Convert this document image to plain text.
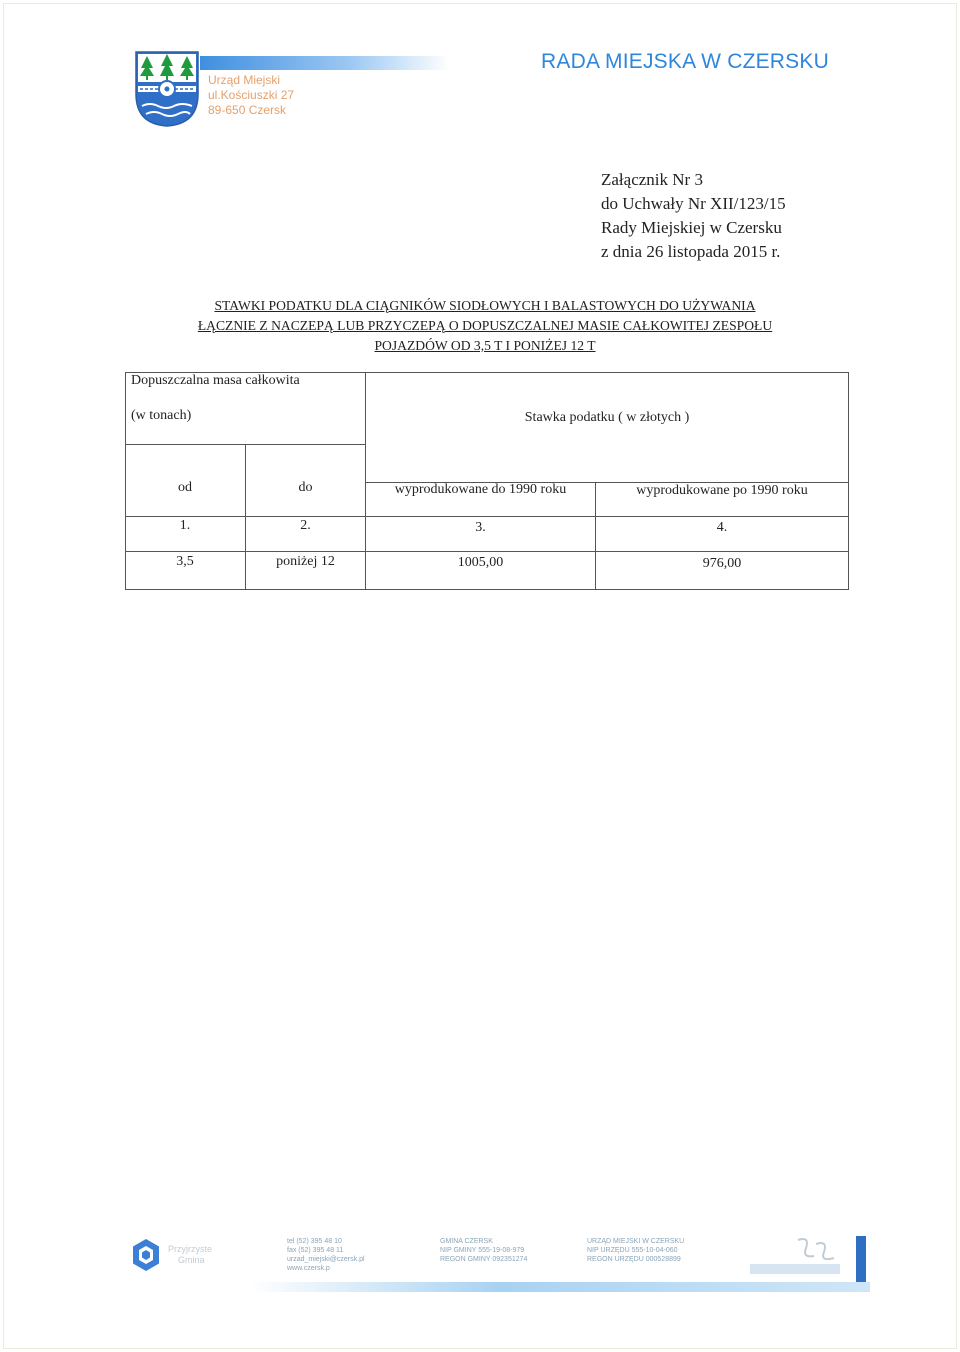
Urząd Miejski
ul.Kościuszki 27
89-650 Czersk
RADA MIEJSKA W CZERSKU
Załącznik Nr 3
do Uchwały Nr XII/123/15
Rady Miejskiej w Czersku
z dnia 26 listopada 2015 r.
STAWKI PODATKU DLA CIĄGNIKÓW SIODŁOWYCH I BALASTOWYCH DO UŻYWANIA
ŁĄCZNIE Z NACZEPĄ LUB PRZYCZEPĄ O DOPUSZCZALNEJ MASIE CAŁKOWITEJ ZESPOŁU
POJAZDÓW OD 3,5 T I PONIŻEJ 12 T
Dopuszczalna masa całkowita
(w tonach)	Stawka podatku ( w złotych )
od	do	wyprodukowane do 1990 roku	wyprodukowane po 1990 roku
1.	2.	3.	4.
3,5	poniżej 12	1005,00	976,00
Przyjrzyste
Gmina
tel (52) 395 48 10
fax (52) 395 48 11
urzad_miejski@czersk.pl
www.czersk.p
GMINA CZERSK
NIP GMINY 555-19-08-979
REGON GMINY 092351274
URZĄD MIEJSKI W CZERSKU
NIP URZĘDU 555-10-04-060
REGON URZĘDU 000528899
